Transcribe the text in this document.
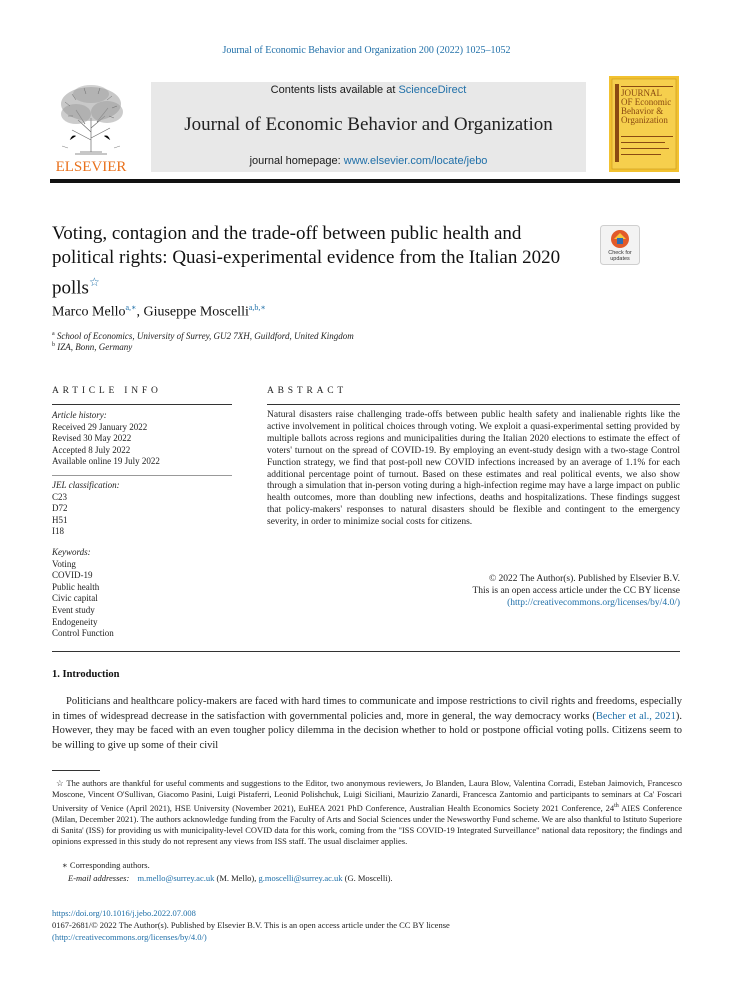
Journal of Economic Behavior and Organization 200 (2022) 1025–1052
ELSEVIER
Contents lists available at ScienceDirect
Journal of Economic Behavior and Organization
journal homepage: www.elsevier.com/locate/jebo
JOURNAL OF Economic Behavior & Organization
Voting, contagion and the trade-off between public health and political rights: Quasi-experimental evidence from the Italian 2020 polls☆
Check for updates
Marco Mello$^{a,∗}$, Giuseppe Moscelli$^{a,b,∗}$
$^a$ School of Economics, University of Surrey, GU2 7XH, Guildford, United Kingdom
$^b$ IZA, Bonn, Germany
ARTICLE INFO	ABSTRACT
Article history:
Received 29 January 2022
Revised 30 May 2022
Accepted 8 July 2022
Available online 19 July 2022
JEL classification:
C23
D72
H51
I18
Keywords:
Voting
COVID-19
Public health
Civic capital
Event study
Endogeneity
Control Function
Natural disasters raise challenging trade-offs between public health safety and inalienable rights like the active involvement in political choices through voting. We exploit a quasi-experimental setting provided by multiple ballots across regions and municipalities during the Italian 2020 elections to estimate the effect of voters' turnout on the spread of COVID-19. By employing an event-study design with a two-stage Control Function strategy, we find that post-poll new COVID infections increased by an average of 1.1% for each additional percentage point of turnout. Based on these estimates and real political events, we also show through a simulation that in-person voting during a high-infection regime may have a large impact on public health outcomes, more than doubling new infections, deaths and hospitalizations. These findings suggest that policy-makers' responses to natural disasters should be flexible and contingent to the emergency severity, in order to minimize social costs for citizens.
© 2022 The Author(s). Published by Elsevier B.V.
This is an open access article under the CC BY license
(http://creativecommons.org/licenses/by/4.0/)
1. Introduction
Politicians and healthcare policy-makers are faced with hard times to communicate and impose restrictions to civil rights and freedoms, especially in times of widespread decrease in the satisfaction with governmental policies and, more in general, the way democracy works (Becher et al., 2021). However, they may be faced with an even tougher policy dilemma in the decision whether to hold or postpone official voting polls. Citizens seem to be willing to give up some of their civil
☆ The authors are thankful for useful comments and suggestions to the Editor, two anonymous reviewers, Jo Blanden, Laura Blow, Valentina Corradi, Esteban Jaimovich, Francesco Moscone, Vincent O'Sullivan, Giacomo Pasini, Luigi Pistaferri, Leonid Polishchuk, Luigi Siciliani, Maurizio Zanardi, Francesca Zantomio and participants to seminars at Ca' Foscari University of Venice (April 2021), HSE University (November 2021), EuHEA 2021 PhD Conference, Australian Health Economics Society 2021 Conference, 24th AIES Conference (Milan, December 2021). The authors acknowledge funding from the Faculty of Arts and Social Sciences under the Newsworthy Fund scheme. We are also thankful to Istituto Superiore di Sanita' (ISS) for providing us with municipality-level COVID data for this work, coming from the "ISS COVID-19 Integrated Surveillance" national data repository; the findings and opinions expressed in this study do not represent any views from ISS staff. The usual disclaimer applies.
∗ Corresponding authors.
E-mail addresses: m.mello@surrey.ac.uk (M. Mello), g.moscelli@surrey.ac.uk (G. Moscelli).
https://doi.org/10.1016/j.jebo.2022.07.008
0167-2681/© 2022 The Author(s). Published by Elsevier B.V. This is an open access article under the CC BY license
(http://creativecommons.org/licenses/by/4.0/)
